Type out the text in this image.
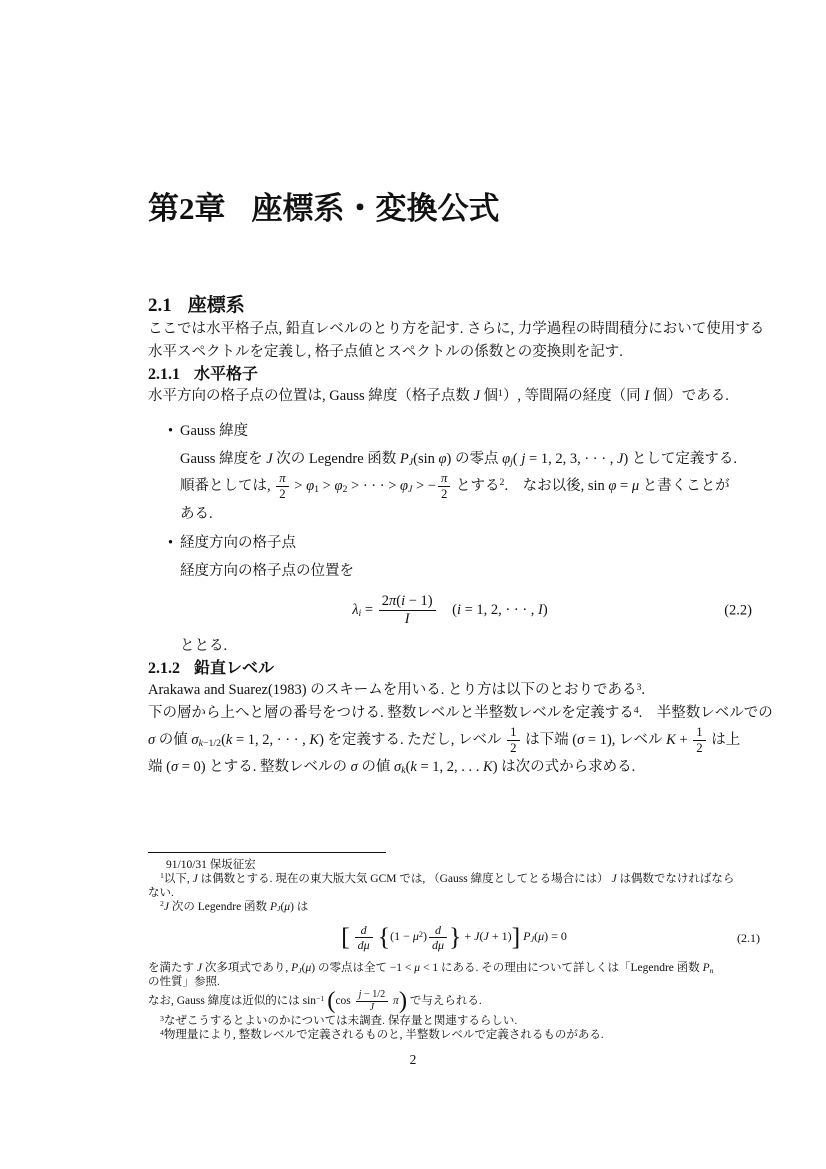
第2章 座標系・変換公式
2.1 座標系

ここでは水平格子点, 鉛直レベルのとり方を記す. さらに, 力学過程の時間積分において使用する
水平スペクトルを定義し, 格子点値とスペクトルの係数との変換則を記す.

2.1.1 水平格子

水平方向の格子点の位置は, Gauss 緯度（格子点数 J 個$^1$）, 等間隔の経度（同 I 個）である.

• Gauss 緯度
Gauss 緯度を J 次の Legendre 函数 $P_J(\sin$ φ) の零点 $\varphi_j$( j = 1, 2, 3, · · · , J) として定義する.
順番としては, $\frac{\pi}{2} > \varphi_1 > \varphi_2$ > · · · > $\varphi_J$ > − $\frac{\pi}{2}$ とする$^2$.　なお以後, sin φ = μ と書くことが
ある.
• 経度方向の格子点
経度方向の格子点の位置を
$\lambda_i = \frac{2\pi(i - 1)}{I}$ 　(i = 1, 2, · · · , I)	(2.2)
ととる.
2.1.2 鉛直レベル

Arakawa and Suarez(1983) のスキームを用いる. とり方は以下のとおりである$^3$.

下の層から上へと層の番号をつける. 整数レベルと半整数レベルを定義する$^4$.　半整数レベルでの
σ の値 $\sigma_{k-1/2}(k = 1$, 2, · · · , K) を定義する. ただし, レベル $\frac{1}{2}$ は下端 (σ = 1), レベル $K + \frac{1}{2}$ は上
端 (σ = 0) とする. 整数レベルの σ の値 $\sigma_k(k = 1$, 2, . . . K) は次の式から求める.

91/10/31 保坂征宏

$^1$以下, J は偶数とする. 現在の東大版大気 GCM では, （Gauss 緯度としてとる場合には） J は偶数でなければなら
ない.

$^2$J 次の Legendre 函数 $P_J(\mu)$ は

[ $\frac{d}{d\mu} \{(1 - \mu^2) \frac{d}{d\mu}$ } + J(J + 1)] $P_J(\mu) = 0$	(2.1)

を満たす J 次多項式であり, $P_J(\mu)$ の零点は全て −1 < μ < 1 にある. その理由について詳しくは「Legendre 函数 $P_n$
の性質」参照.

なお, Gauss 緯度は近似的には $\sin^{-1} (\cos \frac{j - 1/2}{J} \pi)$ で与えられる.

$^3$なぜこうするとよいのかについては未調査. 保存量と関連するらしい.

$^4$物理量により, 整数レベルで定義されるものと, 半整数レベルで定義されるものがある.

2
